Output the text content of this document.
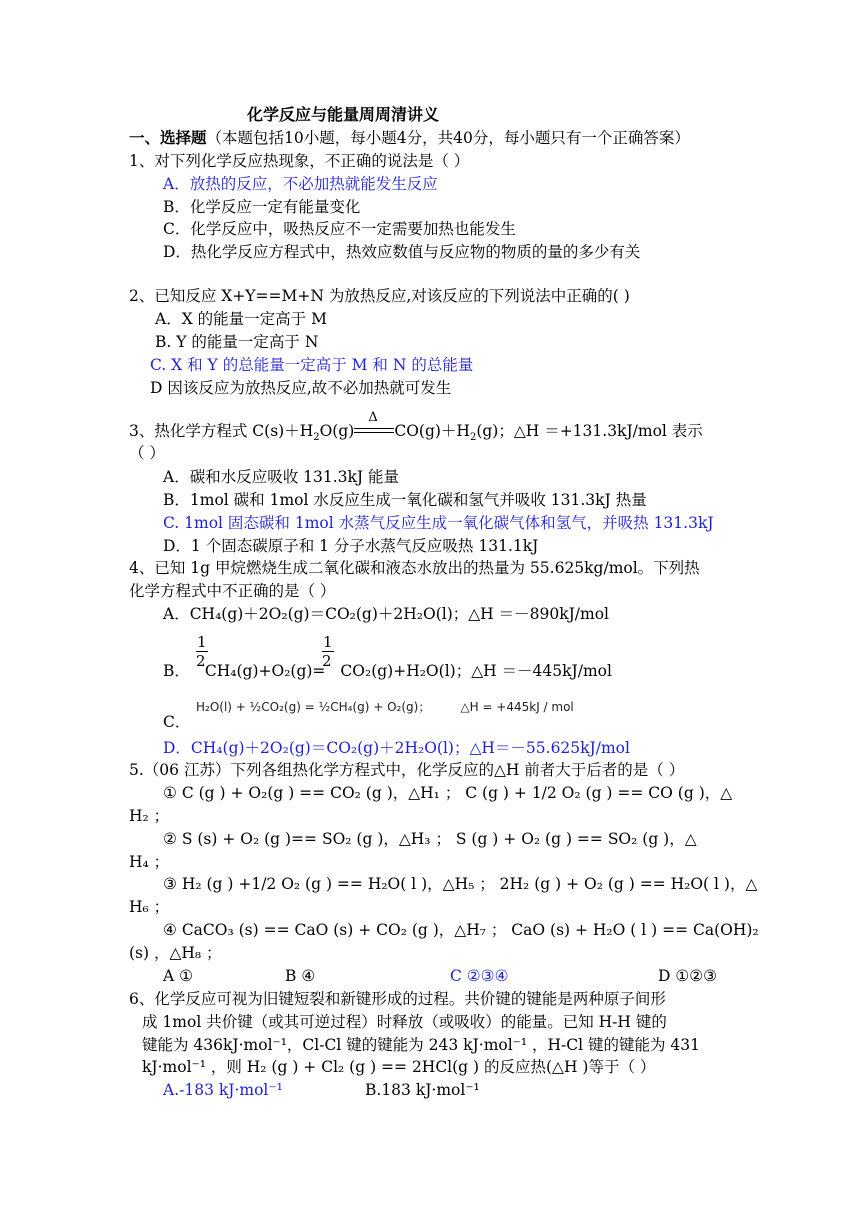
化学反应与能量周周清讲义
一、选择题（本题包括10小题，每小题4分，共40分，每小题只有一个正确答案）
1、对下列化学反应热现象，不正确的说法是（ ）
A．放热的反应，不必加热就能发生反应
B．化学反应一定有能量变化
C．化学反应中，吸热反应不一定需要加热也能发生
D．热化学反应方程式中，热效应数值与反应物的物质的量的多少有关
2、已知反应 X+Y==M+N 为放热反应,对该反应的下列说法中正确的( )
A．X 的能量一定高于 M
B. Y 的能量一定高于 N
C. X 和 Y 的总能量一定高于 M 和 N 的总能量
D 因该反应为放热反应,故不必加热就可发生
3、热化学方程式 $C(s)+H_2O(g)$
Δ
$CO(g)+H_2(g)$；△H ＝+131.3kJ/mol 表示
（ ）
A．碳和水反应吸收 131.3kJ 能量
B．1mol 碳和 1mol 水反应生成一氧化碳和氢气并吸收 131.3kJ 热量
C. 1mol 固态碳和 1mol 水蒸气反应生成一氧化碳气体和氢气，并吸热 131.3kJ
D．1 个固态碳原子和 1 分子水蒸气反应吸热 131.1kJ
4、已知 1g 甲烷燃烧生成二氧化碳和液态水放出的热量为 55.625kg/mol。下列热
化学方程式中不正确的是（ ）
A．CH₄(g)＋2O₂(g)＝CO₂(g)＋2H₂O(l)；△H ＝－890kJ/mol
$\frac{1}{2}$	$\frac{1}{2}$
B． CH₄(g)+O₂(g)= CO₂(g)+H₂O(l)；△H ＝－445kJ/mol
H₂O(l) + ½CO₂(g) = ½CH₄(g) + O₂(g)；	△H = +445kJ / mol
C．
D．CH₄(g)＋2O₂(g)＝CO₂(g)＋2H₂O(l)；△H＝－55.625kJ/mol
5.（06 江苏）下列各组热化学方程式中，化学反应的△H 前者大于后者的是（ ）
① C (g ) + O₂(g ) == CO₂ (g )，△H₁ ； C (g ) + 1/2 O₂ (g ) == CO (g )，△
H₂ ；
② S (s) + O₂ (g )== SO₂ (g )，△H₃ ； S (g ) + O₂ (g ) == SO₂ (g )，△
H₄ ；
③ H₂ (g ) +1/2 O₂ (g ) == H₂O( l )，△H₅ ； 2H₂ (g ) + O₂ (g ) == H₂O( l )，△
H₆ ；
④ CaCO₃ (s) == CaO (s) + CO₂ (g )，△H₇ ； CaO (s) + H₂O ( l ) == Ca(OH)₂
(s) ，△H₈ ；
A ①	B ④	C ②③④	D ①②③
6、化学反应可视为旧键短裂和新键形成的过程。共价键的键能是两种原子间形
成 1mol 共价键（或其可逆过程）时释放（或吸收）的能量。已知 H-H 键的
键能为 436kJ·mol⁻¹，Cl-Cl 键的键能为 243 kJ·mol⁻¹ ，H-Cl 键的键能为 431
kJ·mol⁻¹ ，则 H₂ (g ) + Cl₂ (g ) == 2HCl(g ) 的反应热(△H )等于（ ）
A.-183 kJ·mol⁻¹	B.183 kJ·mol⁻¹
